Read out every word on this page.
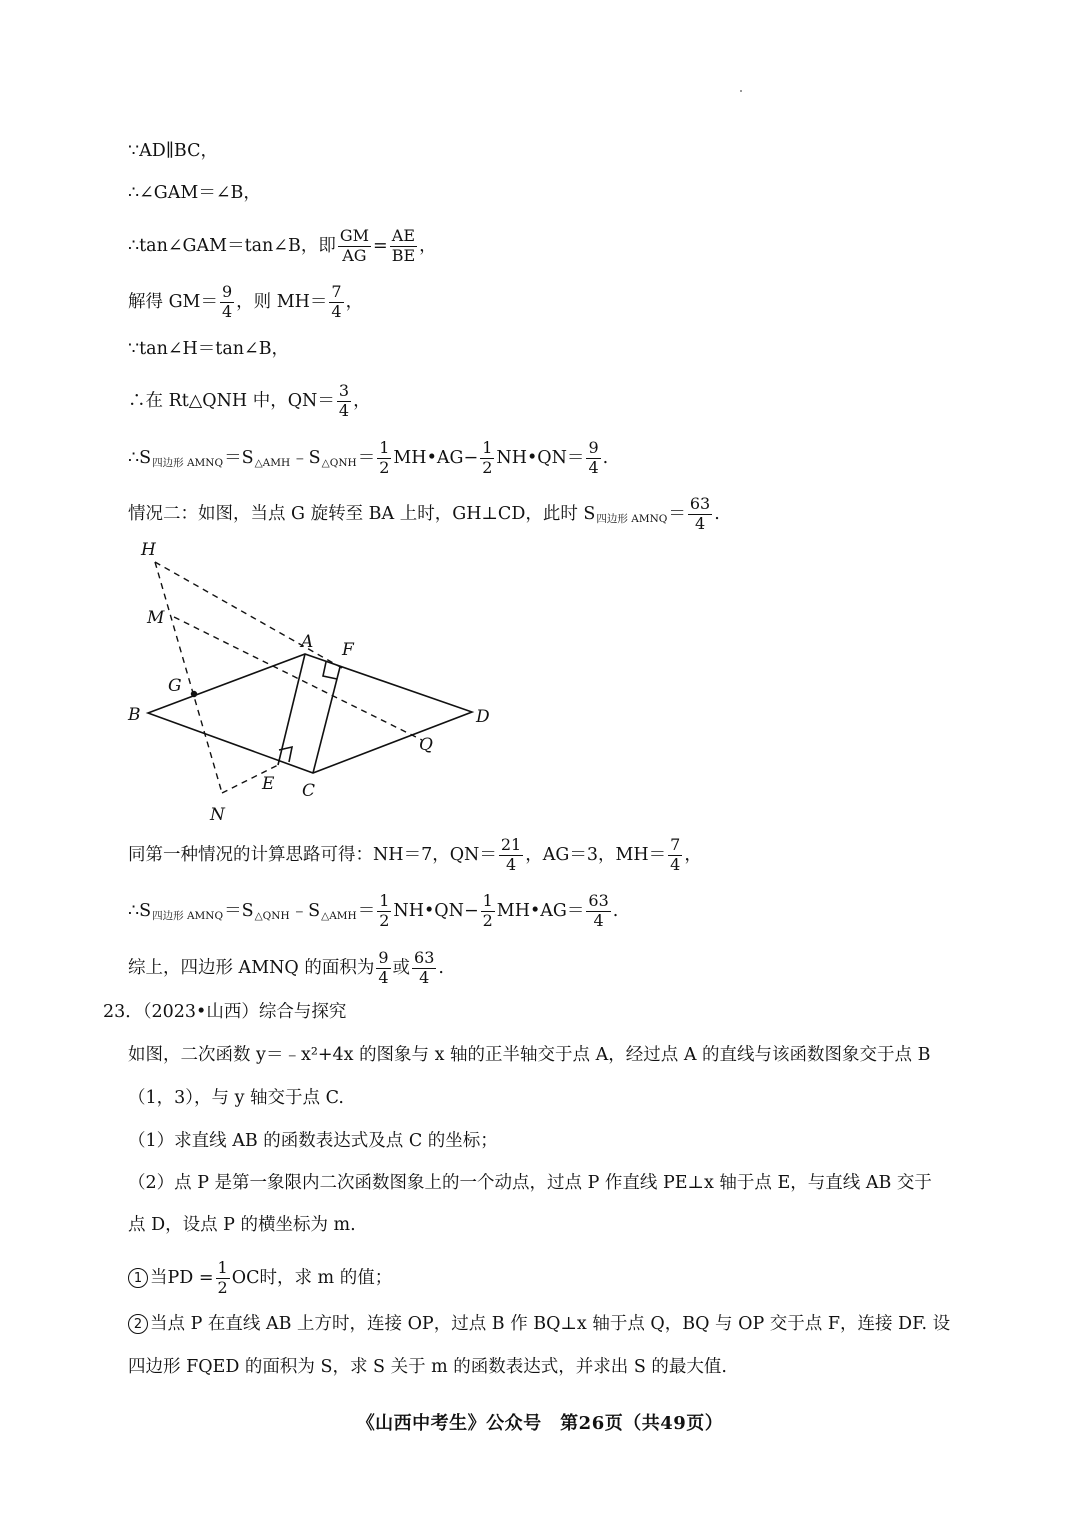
∵AD∥BC，
∴∠GAM＝∠B，
∴tan∠GAM＝tan∠B，即 $\frac{GM}{AG} = \frac{AE}{BE}$ ，
解得 $GM= \frac{9}{4}$ ，则 $MH= \frac{7}{4}$ ，
∵tan∠H＝tan∠B，
∴在 Rt△QNH 中，$QN= \frac{3}{4}$ ，
∴S 四边形 AMNQ ＝S △AMH ﹣S △QNH ＝ $\frac{1}{2}$ MH•AG− $\frac{1}{2}$ NH•QN＝ $\frac{9}{4}$ .
情况二：如图，当点 G 旋转至 BA 上时，GH⊥CD，此时 S 四边形 AMNQ ＝ $\frac{63}{4}$ .
H
M
A F
G
B	D
Q
E C
N
同第一种情况的计算思路可得：NH＝7，$QN= \frac{21}{4}$ ，AG＝3，$MH= \frac{7}{4}$ ，
∴S 四边形 AMNQ ＝S △QNH ﹣S △AMH ＝ $\frac{1}{2}$ NH•QN− $\frac{1}{2}$ MH•AG＝ $\frac{63}{4}$ .
综上，四边形 AMNQ 的面积为 $\frac{9}{4}$ 或 $\frac{63}{4}$ .
23．（2023•山西）综合与探究
如图，二次函数 y＝﹣x²+4x 的图象与 x 轴的正半轴交于点 A，经过点 A 的直线与该函数图象交于点 B
（1，3），与 y 轴交于点 C.
（1）求直线 AB 的函数表达式及点 C 的坐标；
（2）点 P 是第一象限内二次函数图象上的一个动点，过点 P 作直线 PE⊥x 轴于点 E，与直线 AB 交于
点 D，设点 P 的横坐标为 m.
1 当 PD = $\frac{1}{2}$ OC时，求 m 的值；
2 当点 P 在直线 AB 上方时，连接 OP，过点 B 作 BQ⊥x 轴于点 Q，BQ 与 OP 交于点 F，连接 DF. 设
四边形 FQED 的面积为 S，求 S 关于 m 的函数表达式，并求出 S 的最大值.
《山西中考生》公众号　第26页（共49页）
